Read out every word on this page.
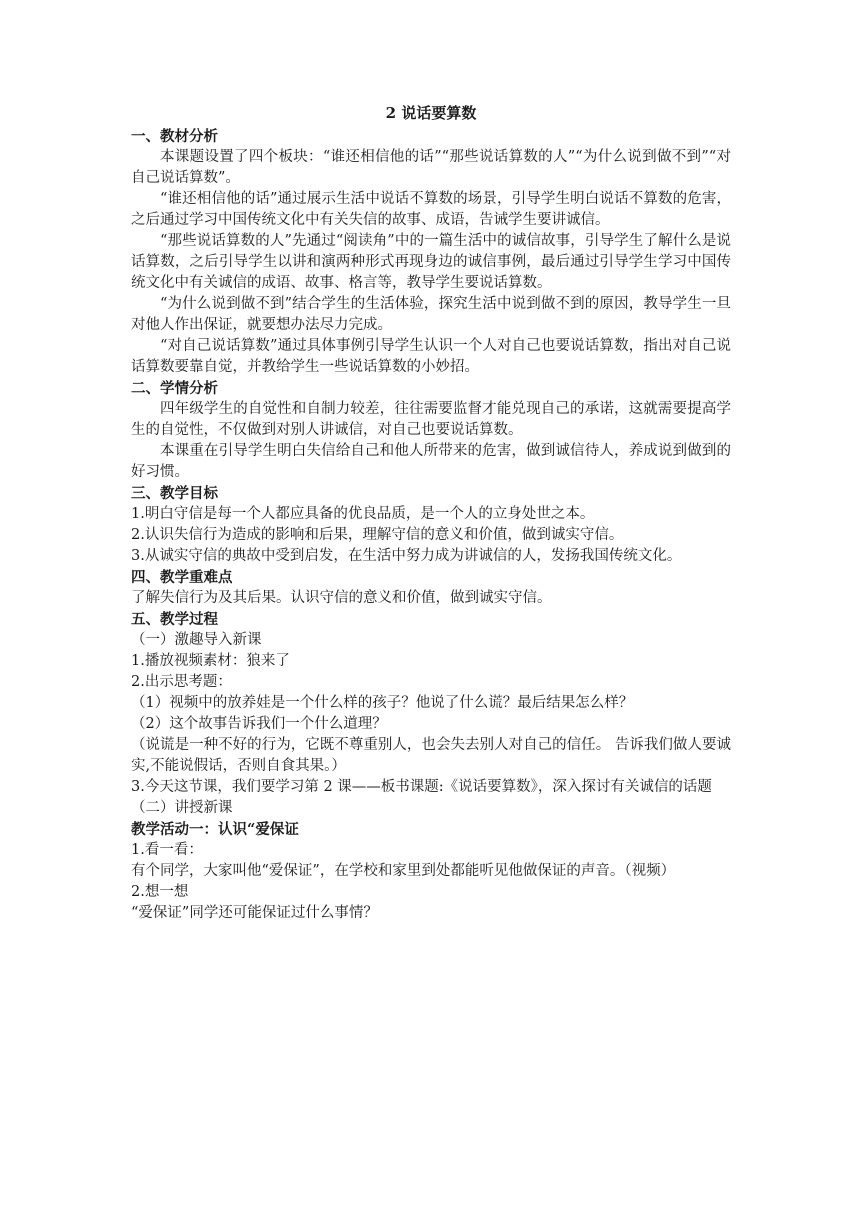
2 说话要算数

一、教材分析

本课题设置了四个板块：“谁还相信他的话”“那些说话算数的人”“为什么说到做不到”“对自己说话算数”。

“谁还相信他的话”通过展示生活中说话不算数的场景，引导学生明白说话不算数的危害，之后通过学习中国传统文化中有关失信的故事、成语，告诫学生要讲诚信。

“那些说话算数的人”先通过“阅读角”中的一篇生活中的诚信故事，引导学生了解什么是说话算数，之后引导学生以讲和演两种形式再现身边的诚信事例，最后通过引导学生学习中国传统文化中有关诚信的成语、故事、格言等，教导学生要说话算数。

“为什么说到做不到”结合学生的生活体验，探究生活中说到做不到的原因，教导学生一旦对他人作出保证，就要想办法尽力完成。

“对自己说话算数”通过具体事例引导学生认识一个人对自己也要说话算数，指出对自己说话算数要靠自觉，并教给学生一些说话算数的小妙招。

二、学情分析

四年级学生的自觉性和自制力较差，往往需要监督才能兑现自己的承诺，这就需要提高学生的自觉性，不仅做到对别人讲诚信，对自己也要说话算数。

本课重在引导学生明白失信给自己和他人所带来的危害，做到诚信待人，养成说到做到的好习惯。

三、教学目标

1.明白守信是每一个人都应具备的优良品质，是一个人的立身处世之本。

2.认识失信行为造成的影响和后果，理解守信的意义和价值，做到诚实守信。

3.从诚实守信的典故中受到启发，在生活中努力成为讲诚信的人，发扬我国传统文化。

四、教学重难点

了解失信行为及其后果。认识守信的意义和价值，做到诚实守信。

五、教学过程

（一）激趣导入新课

1.播放视频素材：狼来了

2.出示思考题：

（1）视频中的放养娃是一个什么样的孩子？他说了什么谎？最后结果怎么样？

（2）这个故事告诉我们一个什么道理？

（说谎是一种不好的行为，它既不尊重别人，也会失去别人对自己的信任。 告诉我们做人要诚实,不能说假话，否则自食其果。）

3.今天这节课，我们要学习第 2 课——板书课题:《说话要算数》，深入探讨有关诚信的话题

（二）讲授新课

教学活动一：认识“爱保证

1.看一看：

有个同学，大家叫他“爱保证”，在学校和家里到处都能听见他做保证的声音。（视频）

2.想一想

“爱保证”同学还可能保证过什么事情？
